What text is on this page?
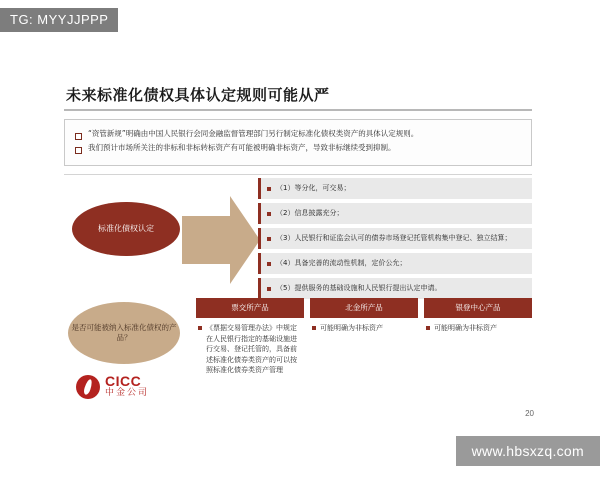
TG: MYYJJPPP
www.hbsxzq.com
未来标准化债权具体认定规则可能从严
“资管新规”明确由中国人民银行会同金融监督管理部门另行制定标准化债权类资产的具体认定规则。
我们预计市场所关注的非标和非标转标资产有可能被明确非标资产，导致非标继续受到抑制。
标准化债权认定
（1）等分化，可交易；
（2）信息披露充分；
（3）人民银行和证监会认可的债券市场登记托管机构集中登记、独立结算；
（4）具备完善的流动性机制，定价公允；
（5）提供服务的基础设施和人民银行提出认定申请。
是否可能被纳入标准化债权的产品？
票交所产品
《票据交易管理办法》中规定在人民银行指定的基础设施进行交易、登记托管的，具备前述标准化债券类资产的可以按照标准化债券类资产管理
北金所产品
可能明确为非标资产
银登中心产品
可能明确为非标资产
CICC
中金公司
20
